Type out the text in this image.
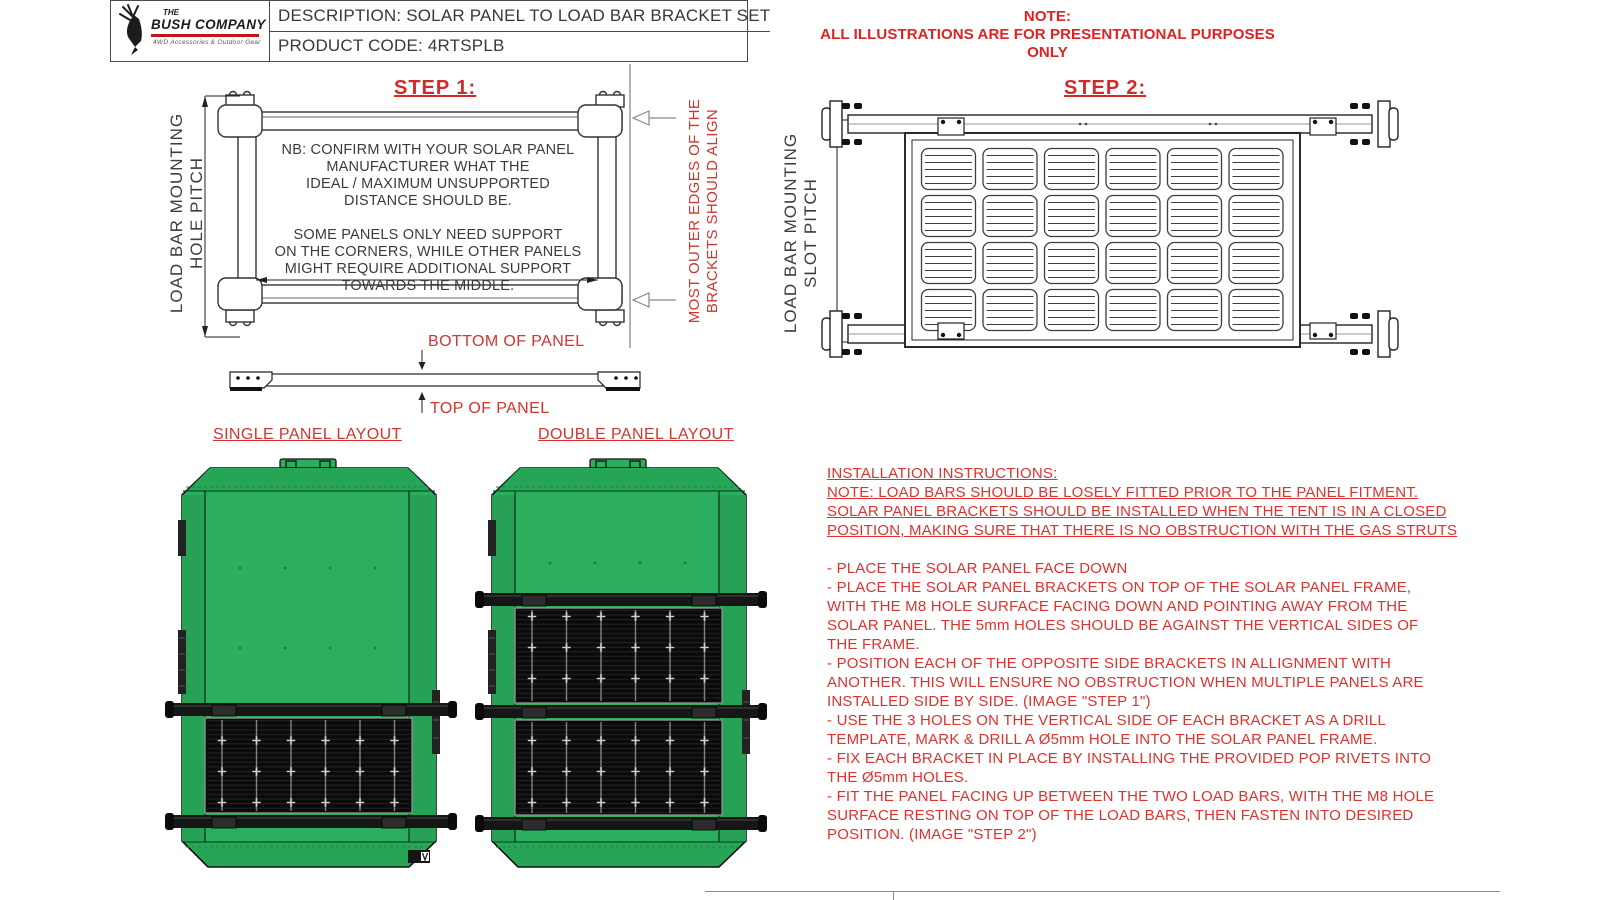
THE
BUSH COMPANY
4WD Accessories & Outdoor Gear
DESCRIPTION: SOLAR PANEL TO LOAD BAR BRACKET SET
PRODUCT CODE: 4RTSPLB
NOTE:
ALL ILLUSTRATIONS ARE FOR PRESENTATIONAL PURPOSES ONLY
STEP 1:
NB: CONFIRM WITH YOUR SOLAR PANEL
MANUFACTURER WHAT THE
IDEAL / MAXIMUM UNSUPPORTED
DISTANCE SHOULD BE.
SOME PANELS ONLY NEED SUPPORT
ON THE CORNERS, WHILE OTHER PANELS
MIGHT REQUIRE ADDITIONAL SUPPORT
TOWARDS THE MIDDLE.
LOAD BAR MOUNTING HOLE PITCH	MOST OUTER EDGES OF THE BRACKETS SHOULD ALIGN
BOTTOM OF PANEL
TOP OF PANEL
STEP 2:
LOAD BAR MOUNTING SLOT PITCH
SINGLE PANEL LAYOUT	DOUBLE PANEL LAYOUT
INSTALLATION INSTRUCTIONS:
NOTE: LOAD BARS SHOULD BE LOSELY FITTED PRIOR TO THE PANEL FITMENT.
SOLAR PANEL BRACKETS SHOULD BE INSTALLED WHEN THE TENT IS IN A CLOSED
POSITION, MAKING SURE THAT THERE IS NO OBSTRUCTION WITH THE GAS STRUTS
- PLACE THE SOLAR PANEL FACE DOWN
- PLACE THE SOLAR PANEL BRACKETS ON TOP OF THE SOLAR PANEL FRAME,
WITH THE M8 HOLE SURFACE FACING DOWN AND POINTING AWAY FROM THE
SOLAR PANEL. THE 5mm HOLES SHOULD BE AGAINST THE VERTICAL SIDES OF
THE FRAME.
- POSITION EACH OF THE OPPOSITE SIDE BRACKETS IN ALLIGNMENT WITH
ANOTHER. THIS WILL ENSURE NO OBSTRUCTION WHEN MULTIPLE PANELS ARE
INSTALLED SIDE BY SIDE. (IMAGE "STEP 1")
- USE THE 3 HOLES ON THE VERTICAL SIDE OF EACH BRACKET AS A DRILL
TEMPLATE, MARK & DRILL A Ø5mm HOLE INTO THE SOLAR PANEL FRAME.
- FIX EACH BRACKET IN PLACE BY INSTALLING THE PROVIDED POP RIVETS INTO
THE Ø5mm HOLES.
- FIT THE PANEL FACING UP BETWEEN THE TWO LOAD BARS, WITH THE M8 HOLE
SURFACE RESTING ON TOP OF THE LOAD BARS, THEN FASTEN INTO DESIRED
POSITION. (IMAGE "STEP 2")
